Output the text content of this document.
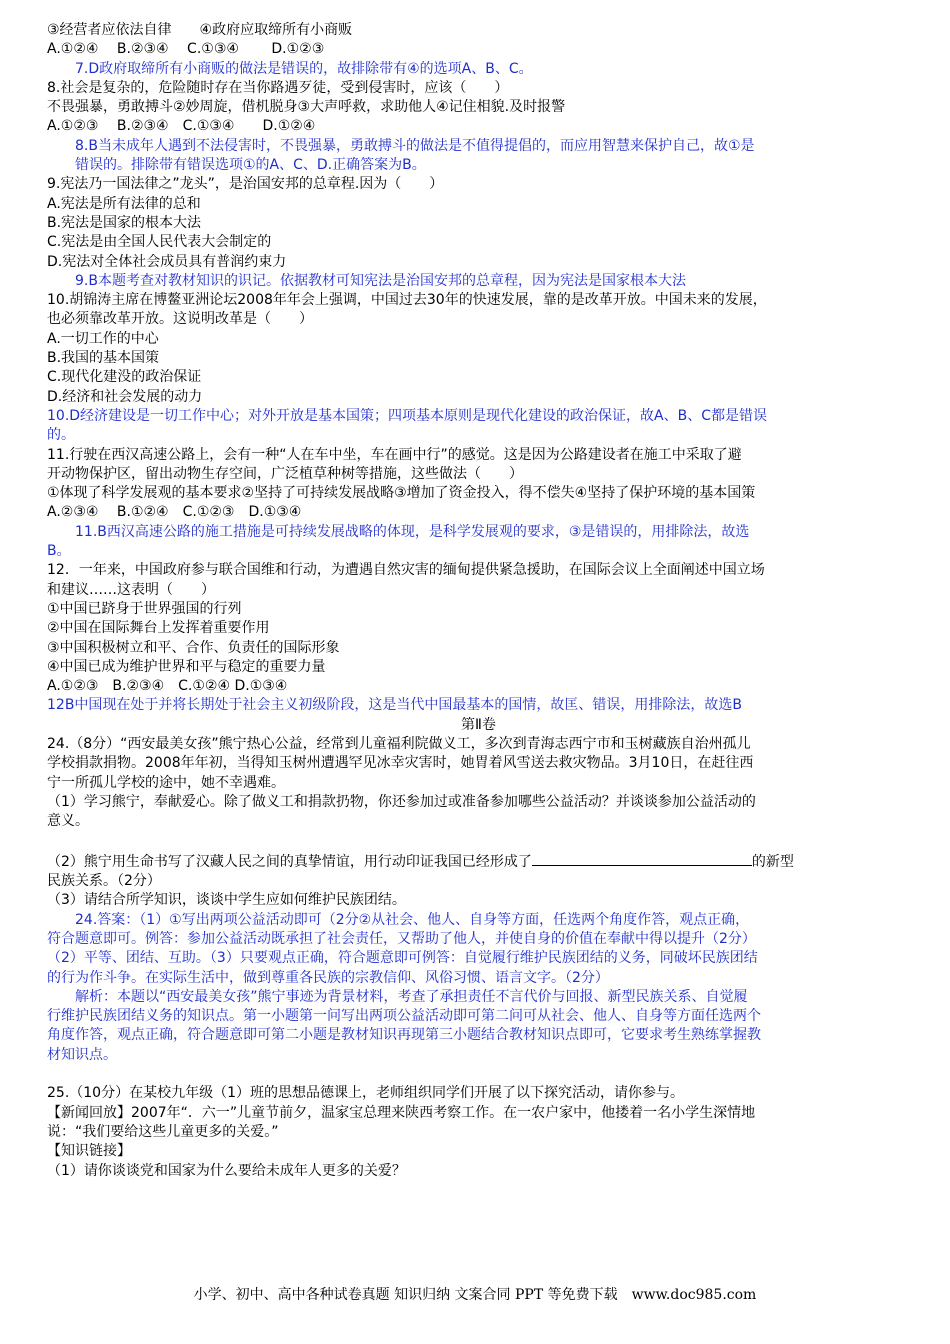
③经营者应依法自律　　④政府应取缔所有小商贩
A.①②④　 B.②③④　 C.①③④　　 D.①②③
7.D政府取缔所有小商贩的做法是错误的，故排除带有④的选项A、B、C。
8.社会是复杂的，危险随时存在当你路遇歹徒，受到侵害时，应该（　　）
不畏强暴，勇敢搏斗②妙周旋，借机脱身③大声呼救，求助他人④记住相貌.及时报警
A.①②③　 B.②③④　C.①③④　　D.①②④
8.B当未成年人遇到不法侵害时，不畏强暴，勇敢搏斗的做法是不值得提倡的，而应用智慧来保护自己，故①是
错误的。排除带有错误选项①的A、C、D.正确答案为B。
9.宪法乃一国法律之”龙头”，是治国安邦的总章程.因为（　　）
A.宪法是所有法律的总和
B.宪法是国家的根本大法
C.宪法是由全国人民代表大会制定的
D.宪法对全体社会成员具有普润约束力
9.B本题考查对教材知识的识记。依据教材可知宪法是治国安邦的总章程，因为宪法是国家根本大法
10.胡锦涛主席在博鳌亚洲论坛2008年年会上强调，中国过去30年的快速发展，靠的是改革开放。中国未来的发展，
也必须靠改革开放。这说明改革是（　　）
A.一切工作的中心
B.我国的基本国策
C.现代化建没的政治保证
D.经济和社会发展的动力
10.D经济建设是一切工作中心；对外开放是基本国策；四项基本原则是现代化建设的政治保证，故A、B、C都是错误
的。
11.行驶在西汉高速公路上，会有一种“人在车中坐，车在画中行”的感觉。这是因为公路建设者在施工中采取了避
开动物保护区，留出动物生存空间，广泛植草种树等措施，这些做法（　　）
①体现了科学发展观的基本要求②坚持了可持续发展战略③增加了资金投入，得不偿失④坚持了保护环境的基本国策
A.②③④　 B.①②④　C.①②③　D.①③④
11.B西汉高速公路的施工措施是可持续发展战略的体现，是科学发展观的要求，③是错误的，用排除法，故选
B。
12．一年来，中国政府参与联合国维和行动，为遭遇自然灾害的缅甸提供紧急援助，在国际会议上全面阐述中国立场
和建议……这表明（　　）
①中国已跻身于世界强国的行列
②中国在国际舞台上发挥着重要作用
③中国积极树立和平、合作、负责任的国际形象
④中国已成为维护世界和平与稳定的重要力量
A.①②③　B.②③④　C.①②④ D.①③④
12B中国现在处于并将长期处于社会主义初级阶段，这是当代中国最基本的国情，故匡、错误，用排除法，故选B
第Ⅱ卷
24.（8分）“西安最美女孩”熊宁热心公益，经常到儿童福利院做义工，多次到青海志西宁市和玉树藏族自治州孤儿
学校捐款捐物。2008年年初，当得知玉树州遭遇罕见冰幸灾害时，她胃着风雪送去救灾物品。3月10日，在赶往西
宁一所孤儿学校的途中，她不幸遇难。
（1）学习熊宁，奉献爱心。除了做义工和捐款扔物，你还参加过或准备参加哪些公益活动？并谈谈参加公益活动的
意义。
（2）熊宁用生命书写了汉藏人民之间的真挚情谊，用行动印证我国已经形成了	的新型
民族关系。（2分）
（3）请结合所学知识，谈谈中学生应如何维护民族团结。
24.答案：（1）①写出两项公益活动即可（2分②从社会、他人、自身等方面，任选两个角度作答，观点正确，
符合题意即可。例答：参加公益活动既承担了社会责任，又帮助了他人，并使自身的价值在奉献中得以提升（2分）
（2）平等、团结、互助。（3）只要观点正确，符合题意即可例答：自觉履行维护民族团结的义务，同破坏民族团结
的行为作斗争。在实际生活中，做到尊重各民族的宗教信仰、风俗习惯、语言文字。（2分）
解析：本题以“西安最美女孩”熊宁事迹为背景材料，考查了承担责任不言代价与回报、新型民族关系、自觉履
行维护民族团结义务的知识点。第一小题第一问写出两项公益活动即可第二问可从社会、他人、自身等方面任选两个
角度作答，观点正确，符合题意即可第二小题是教材知识再现第三小题结合教材知识点即可，它要求考生熟练掌握教
材知识点。
25.（10分）在某校九年级（1）班的思想品德课上，老师组织同学们开展了以下探究活动，请你参与。
【新闻回放】2007年“．六一”儿童节前夕，温家宝总理来陕西考察工作。在一农户家中，他搂着一名小学生深情地
说：“我们要给这些儿童更多的关爱。”
【知识链接】
（1）请你谈谈党和国家为什么要给未成年人更多的关爱？
小学、初中、高中各种试卷真题 知识归纳 文案合同 PPT 等免费下载　www.doc985.com
